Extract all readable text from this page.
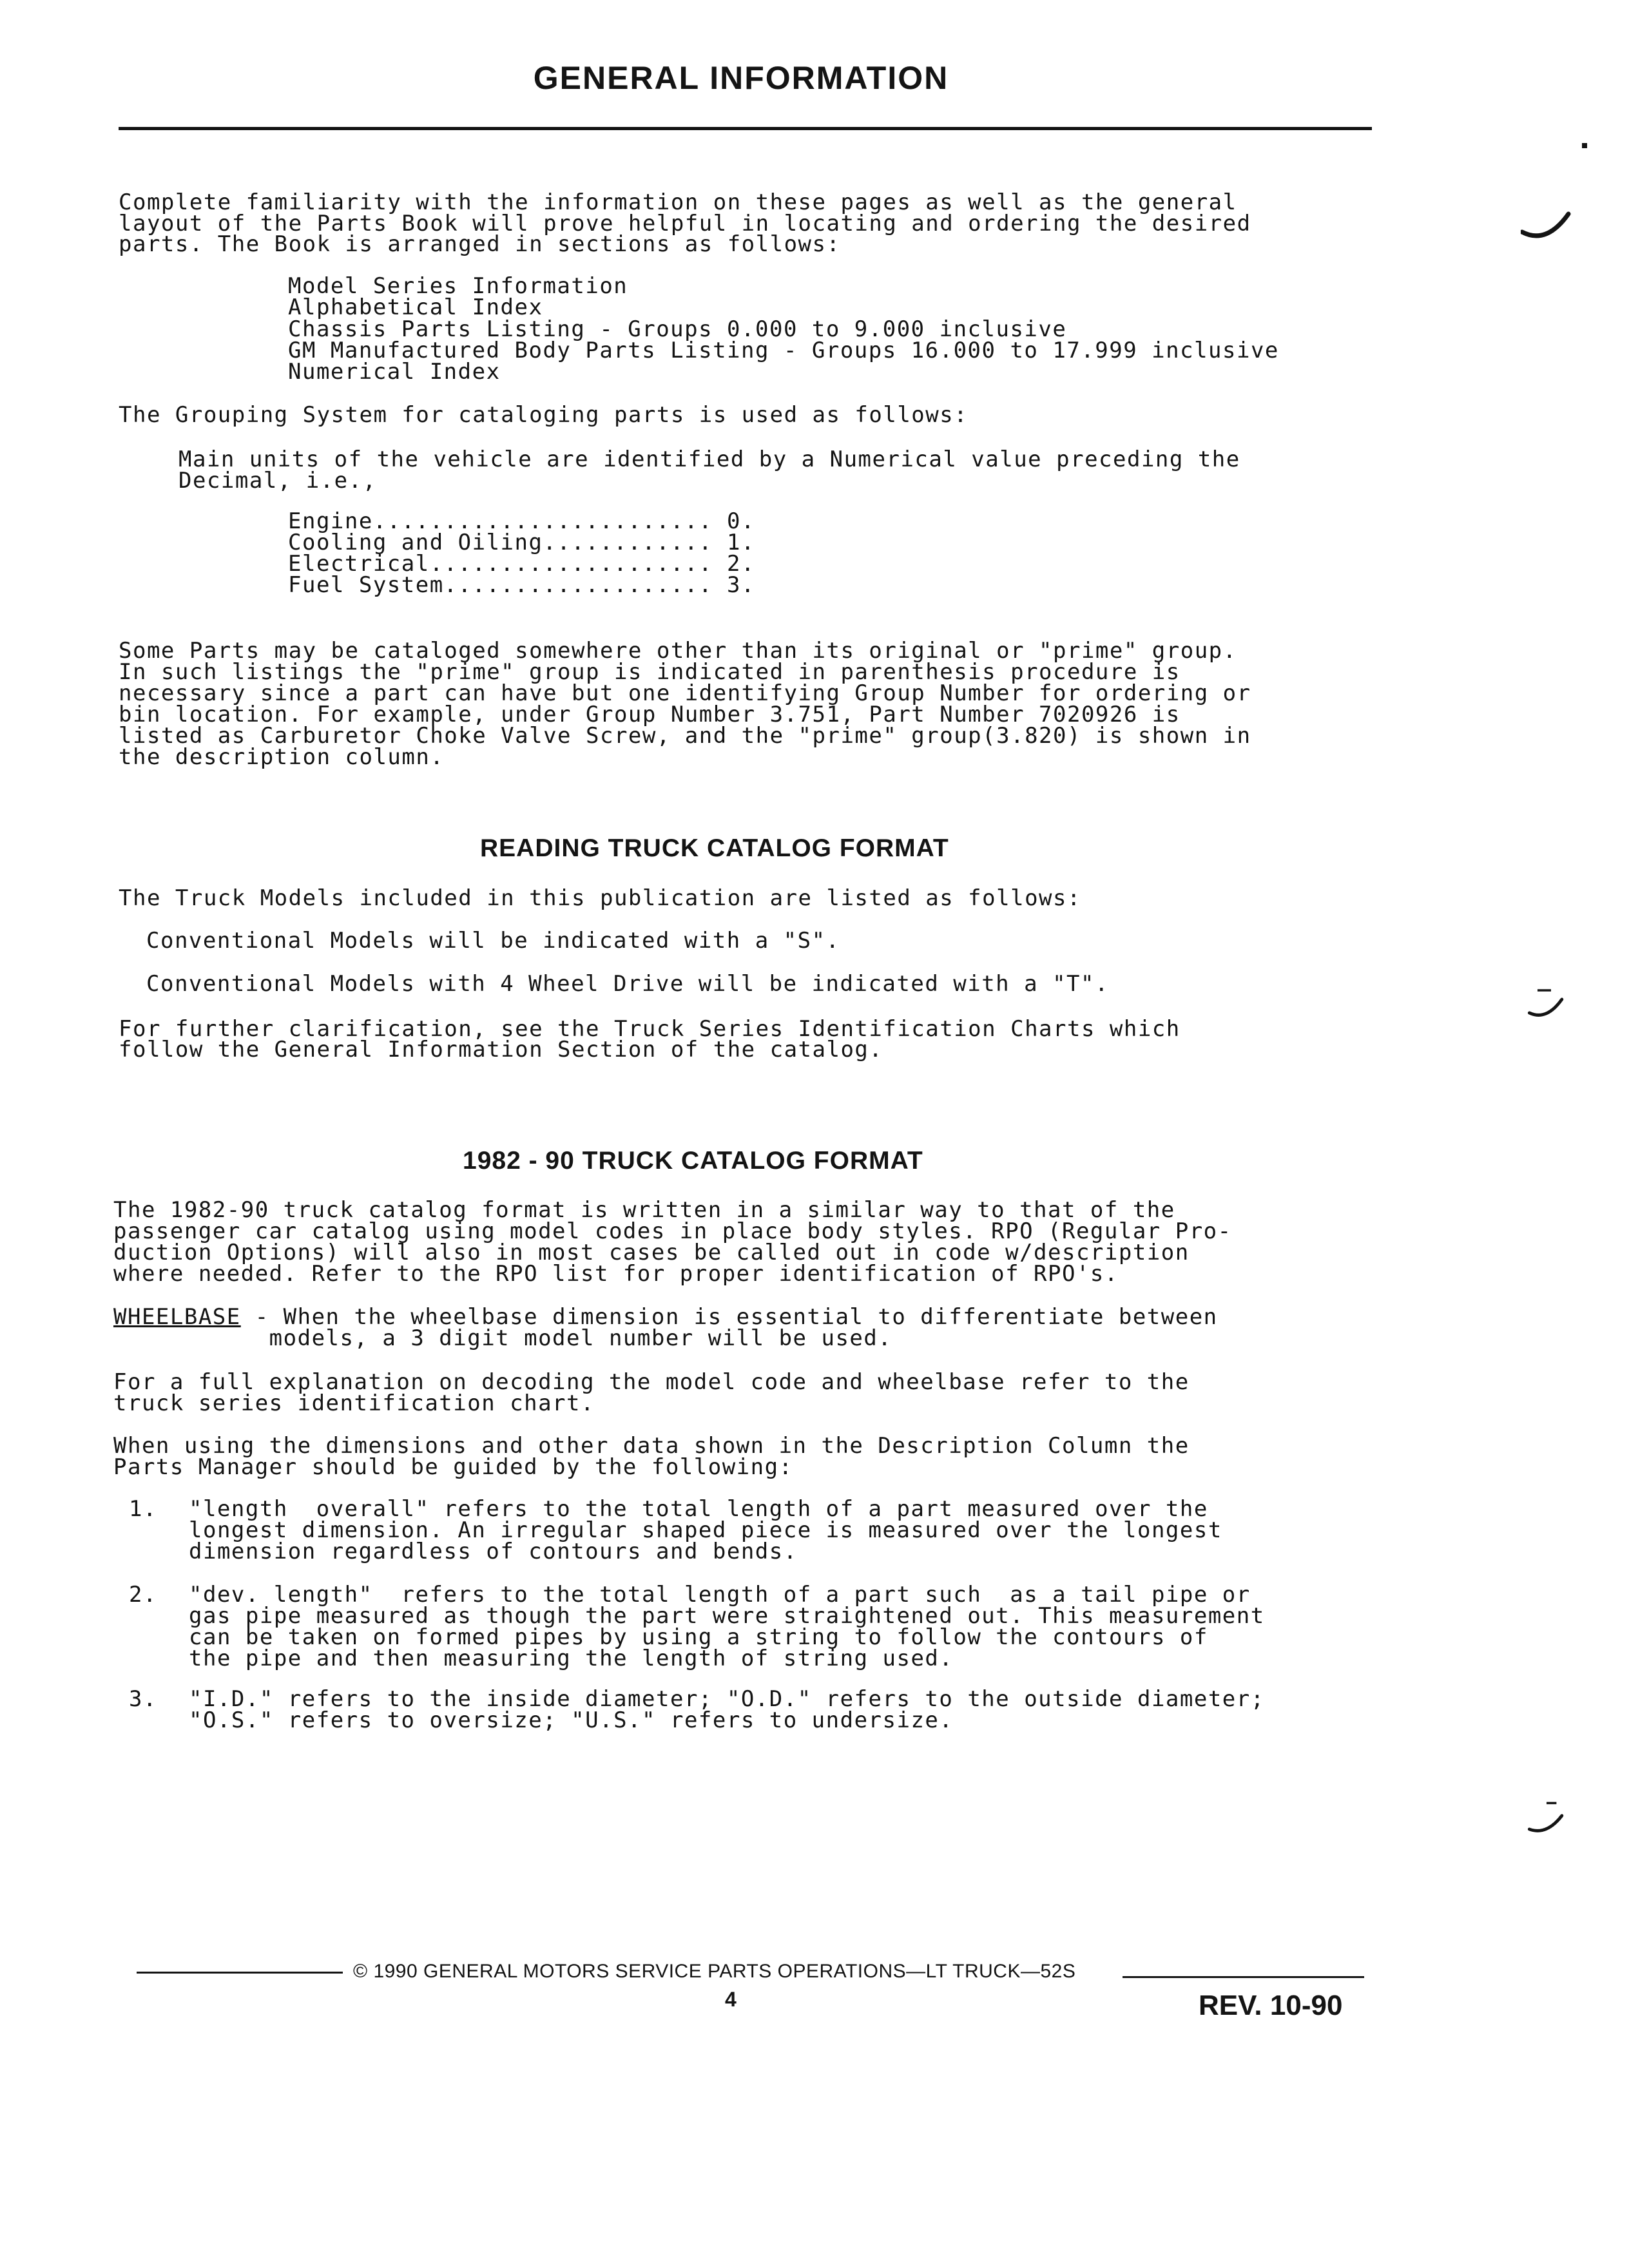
GENERAL INFORMATION
Complete familiarity with the information on these pages as well as the general
layout of the Parts Book will prove helpful in locating and ordering the desired
parts. The Book is arranged in sections as follows:
Model Series Information
Alphabetical Index
Chassis Parts Listing - Groups 0.000 to 9.000 inclusive
GM Manufactured Body Parts Listing - Groups 16.000 to 17.999 inclusive
Numerical Index
The Grouping System for cataloging parts is used as follows:
Main units of the vehicle are identified by a Numerical value preceding the
Decimal, i.e.,
Engine........................ 0.
Cooling and Oiling............ 1.
Electrical.................... 2.
Fuel System................... 3.
Some Parts may be cataloged somewhere other than its original or "prime" group.
In such listings the "prime" group is indicated in parenthesis procedure is
necessary since a part can have but one identifying Group Number for ordering or
bin location. For example, under Group Number 3.751, Part Number 7020926 is
listed as Carburetor Choke Valve Screw, and the "prime" group(3.820) is shown in
the description column.
READING TRUCK CATALOG FORMAT
The Truck Models included in this publication are listed as follows:
Conventional Models will be indicated with a "S".
Conventional Models with 4 Wheel Drive will be indicated with a "T".
For further clarification, see the Truck Series Identification Charts which
follow the General Information Section of the catalog.
1982 - 90 TRUCK CATALOG FORMAT
The 1982-90 truck catalog format is written in a similar way to that of the
passenger car catalog using model codes in place body styles. RPO (Regular Pro-
duction Options) will also in most cases be called out in code w/description
where needed. Refer to the RPO list for proper identification of RPO's.
WHEELBASE - When the wheelbase dimension is essential to differentiate between
models, a 3 digit model number will be used.
For a full explanation on decoding the model code and wheelbase refer to the
truck series identification chart.
When using the dimensions and other data shown in the Description Column the
Parts Manager should be guided by the following:
1. "length  overall" refers to the total length of a part measured over the
longest dimension. An irregular shaped piece is measured over the longest
dimension regardless of contours and bends.
2. "dev. length"  refers to the total length of a part such  as a tail pipe or
gas pipe measured as though the part were straightened out. This measurement
can be taken on formed pipes by using a string to follow the contours of
the pipe and then measuring the length of string used.
3. "I.D." refers to the inside diameter; "O.D." refers to the outside diameter;
"O.S." refers to oversize; "U.S." refers to undersize.
© 1990 GENERAL MOTORS SERVICE PARTS OPERATIONS—LT TRUCK—52S
4	REV. 10-90
